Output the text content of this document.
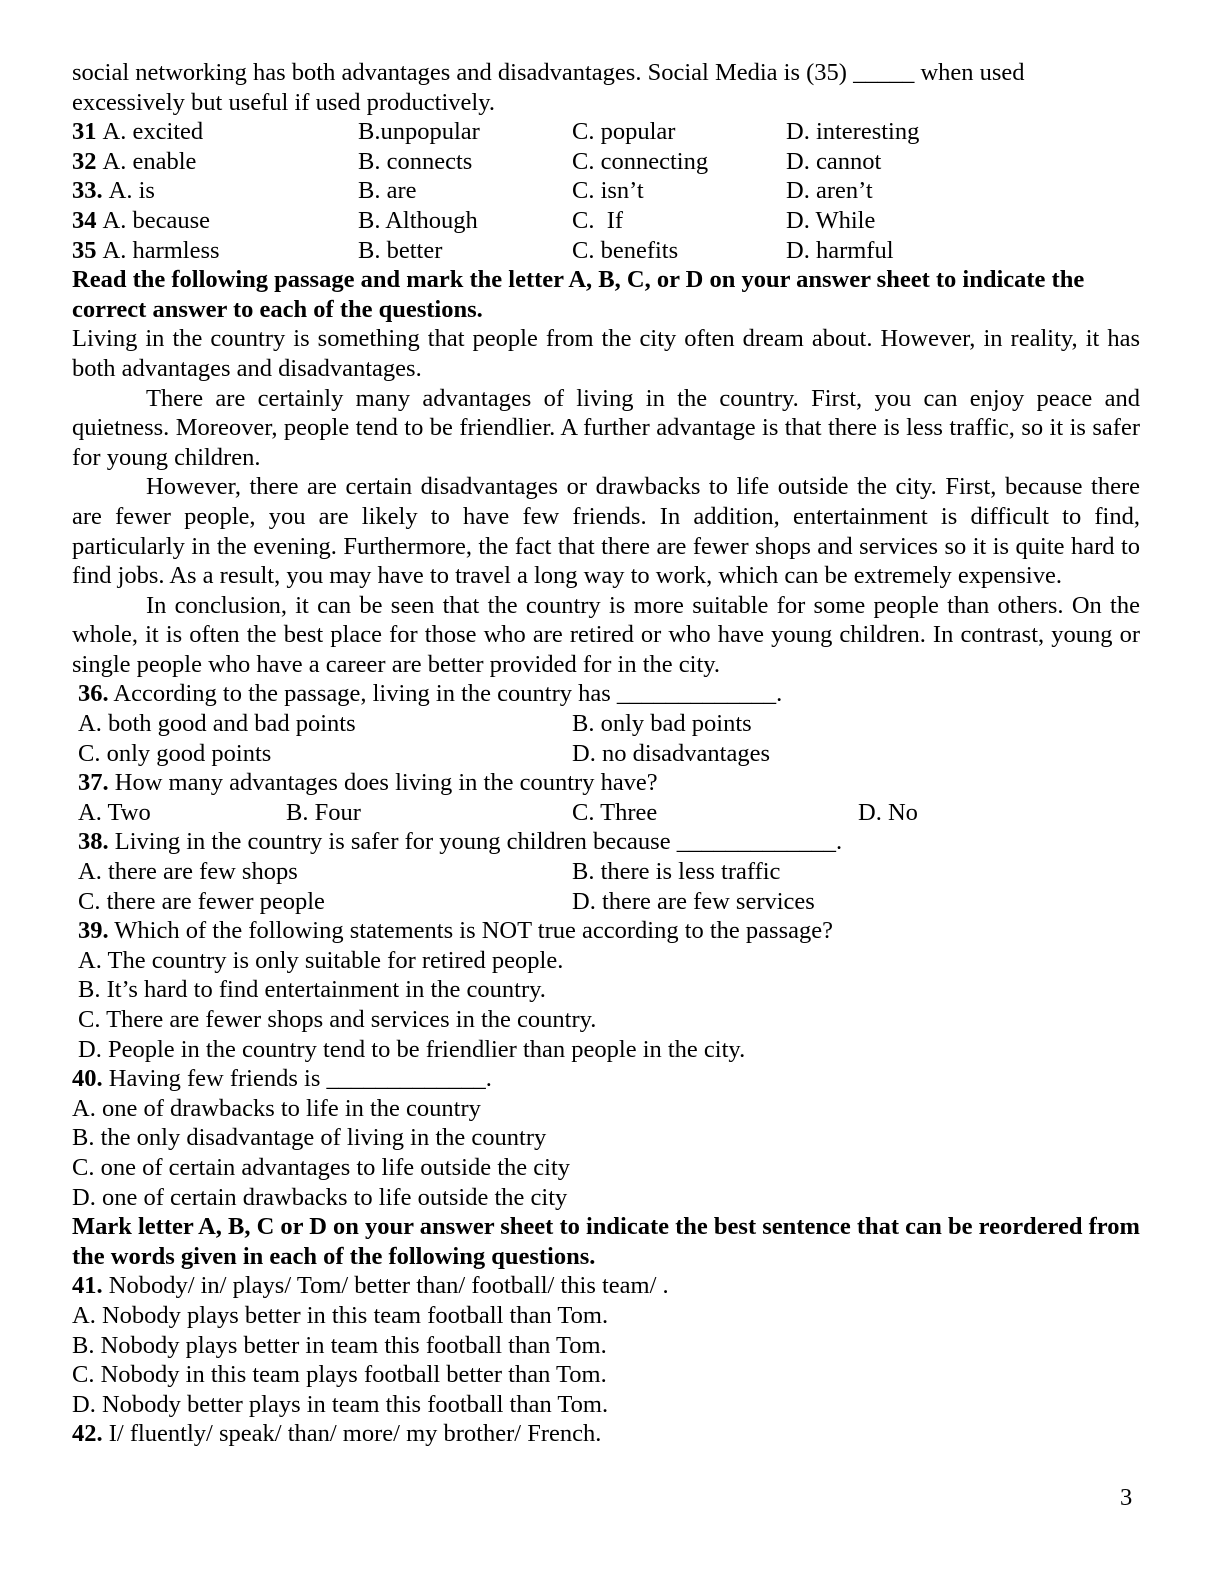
social networking has both advantages and disadvantages. Social Media is (35) _____ when used

excessively but useful if used productively.

31 A. excited	B.unpopular	C. popular	D. interesting
32 A. enable	B. connects	C. connecting	D. cannot
33. A. is	B. are	C. isn’t	D. aren’t
34 A. because	B. Although	C.  If	D. While
35 A. harmless	B. better	C. benefits	D. harmful

Read the following passage and mark the letter A, B, C, or D on your answer sheet to indicate the correct answer to each of the questions.

Living in the country is something that people from the city often dream about. However, in reality, it has both advantages and disadvantages.

There are certainly many advantages of living in the country. First, you can enjoy peace and quietness. Moreover, people tend to be friendlier. A further advantage is that there is less traffic, so it is safer for young children.

However, there are certain disadvantages or drawbacks to life outside the city. First, because there are fewer people, you are likely to have few friends. In addition, entertainment is difficult to find, particularly in the evening. Furthermore, the fact that there are fewer shops and services so it is quite hard to find jobs. As a result, you may have to travel a long way to work, which can be extremely expensive.

In conclusion, it can be seen that the country is more suitable for some people than others. On the whole, it is often the best place for those who are retired or who have young children. In contrast, young or single people who have a career are better provided for in the city.

36. According to the passage, living in the country has _____________.

A. both good and bad points	B. only bad points
C. only good points	D. no disadvantages

37. How many advantages does living in the country have?

A. Two	B. Four	C. Three	D. No

38. Living in the country is safer for young children because _____________.

A. there are few shops	B. there is less traffic
C. there are fewer people	D. there are few services

39. Which of the following statements is NOT true according to the passage?

A. The country is only suitable for retired people.

B. It’s hard to find entertainment in the country.

C. There are fewer shops and services in the country.

D. People in the country tend to be friendlier than people in the city.

40. Having few friends is _____________.

A. one of drawbacks to life in the country

B. the only disadvantage of living in the country

C. one of certain advantages to life outside the city

D. one of certain drawbacks to life outside the city

Mark letter A, B, C or D on your answer sheet to indicate the best sentence that can be reordered from the words given in each of the following questions.

41. Nobody/ in/ plays/ Tom/ better than/ football/ this team/ .

A. Nobody plays better in this team football than Tom.

B. Nobody plays better in team this football than Tom.

C. Nobody in this team plays football better than Tom.

D. Nobody better plays in team this football than Tom.

42. I/ fluently/ speak/ than/ more/ my brother/ French.

3
